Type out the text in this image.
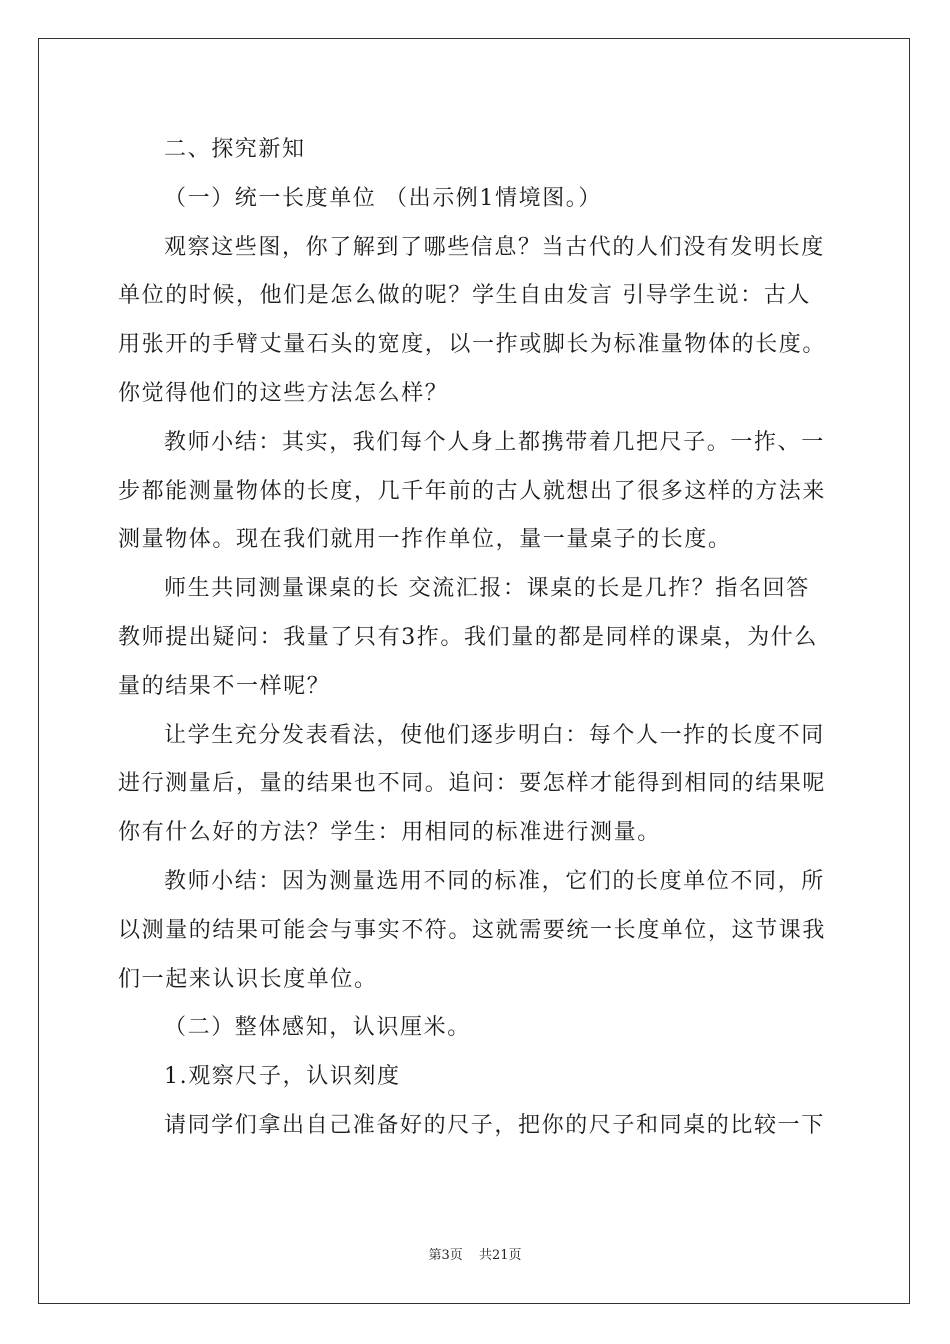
二、探究新知
（一）统一长度单位 （出示例1情境图。）
观察这些图，你了解到了哪些信息？当古代的人们没有发明长度
单位的时候，他们是怎么做的呢？学生自由发言 引导学生说：古人
用张开的手臂丈量石头的宽度，以一拃或脚长为标准量物体的长度。
你觉得他们的这些方法怎么样？
教师小结：其实，我们每个人身上都携带着几把尺子。一拃、一
步都能测量物体的长度，几千年前的古人就想出了很多这样的方法来
测量物体。现在我们就用一拃作单位，量一量桌子的长度。
师生共同测量课桌的长 交流汇报：课桌的长是几拃？指名回答
教师提出疑问：我量了只有3拃。我们量的都是同样的课桌，为什么
量的结果不一样呢？
让学生充分发表看法，使他们逐步明白：每个人一拃的长度不同
进行测量后，量的结果也不同。追问：要怎样才能得到相同的结果呢
你有什么好的方法？学生：用相同的标准进行测量。
教师小结：因为测量选用不同的标准，它们的长度单位不同，所
以测量的结果可能会与事实不符。这就需要统一长度单位，这节课我
们一起来认识长度单位。
（二）整体感知，认识厘米。
1.观察尺子，认识刻度
请同学们拿出自己准备好的尺子，把你的尺子和同桌的比较一下
第3页 共21页
